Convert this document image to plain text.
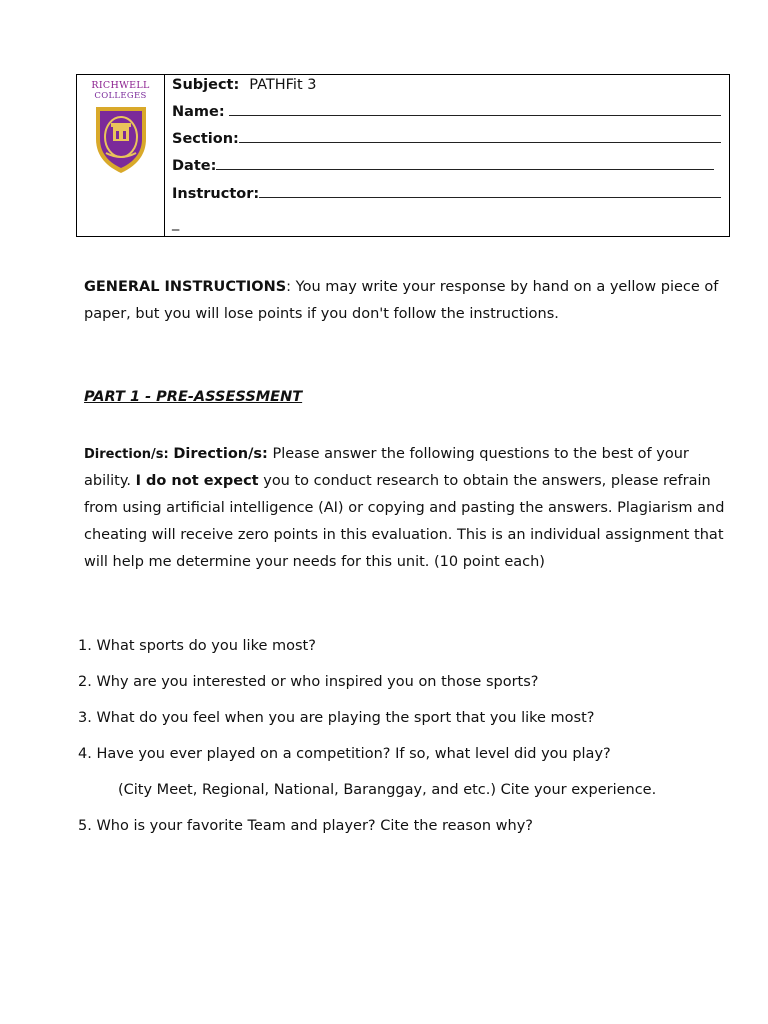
RICHWELL
COLLEGES
Subject: PATHFit 3
Name:
Section:
Date:
Instructor:
_
GENERAL INSTRUCTIONS: You may write your response by hand on a yellow piece of paper, but you will lose points if you don't follow the instructions.
PART 1 - PRE-ASSESSMENT
Direction/s: Direction/s: Please answer the following questions to the best of your ability. I do not expect you to conduct research to obtain the answers, please refrain from using artificial intelligence (AI) or copying and pasting the answers. Plagiarism and cheating will receive zero points in this evaluation. This is an individual assignment that will help me determine your needs for this unit. (10 point each)
1. What sports do you like most?
2. Why are you interested or who inspired you on those sports?
3. What do you feel when you are playing the sport that you like most?
4. Have you ever played on a competition? If so, what level did you play?
(City Meet, Regional, National, Baranggay, and etc.) Cite your experience.
5. Who is your favorite Team and player? Cite the reason why?
